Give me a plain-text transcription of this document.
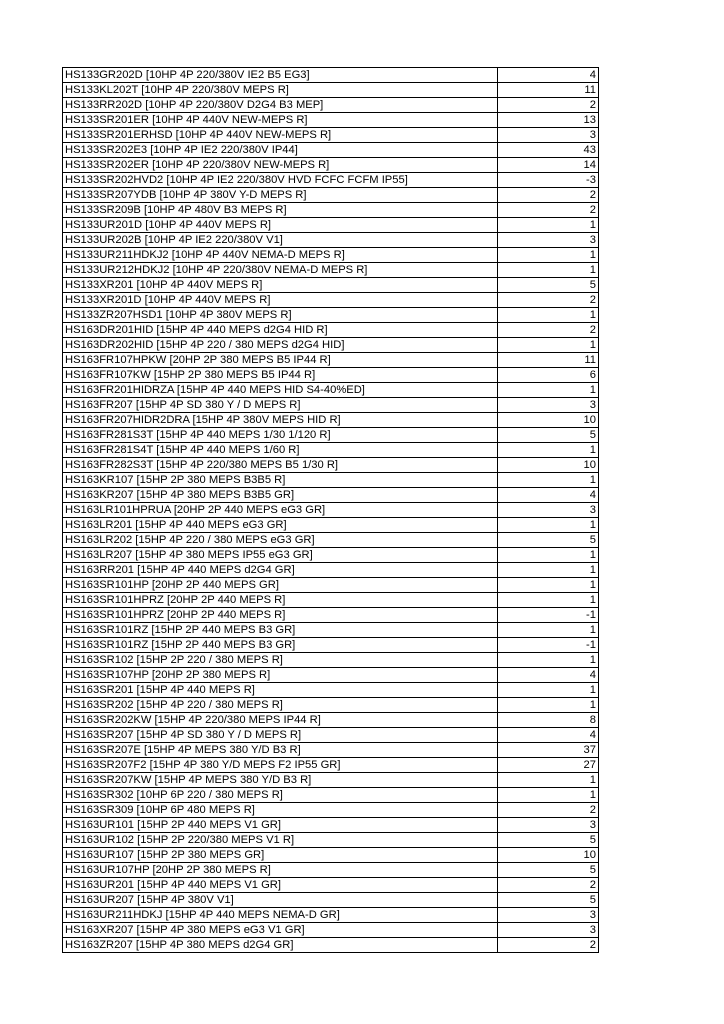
HS133GR202D [10HP 4P 220/380V IE2 B5 EG3]	4
HS133KL202T [10HP 4P 220/380V MEPS R]	11
HS133RR202D [10HP 4P 220/380V D2G4 B3 MEP]	2
HS133SR201ER [10HP 4P 440V NEW-MEPS R]	13
HS133SR201ERHSD [10HP 4P 440V NEW-MEPS R]	3
HS133SR202E3 [10HP 4P IE2 220/380V IP44]	43
HS133SR202ER [10HP 4P 220/380V NEW-MEPS R]	14
HS133SR202HVD2 [10HP 4P IE2 220/380V HVD FCFC FCFM IP55]	-3
HS133SR207YDB [10HP 4P 380V Y-D MEPS R]	2
HS133SR209B [10HP 4P 480V B3 MEPS R]	2
HS133UR201D [10HP 4P 440V MEPS R]	1
HS133UR202B [10HP 4P IE2 220/380V V1]	3
HS133UR211HDKJ2 [10HP 4P 440V NEMA-D MEPS R]	1
HS133UR212HDKJ2 [10HP 4P 220/380V NEMA-D MEPS R]	1
HS133XR201 [10HP 4P 440V MEPS R]	5
HS133XR201D [10HP 4P 440V MEPS R]	2
HS133ZR207HSD1 [10HP 4P 380V MEPS R]	1
HS163DR201HID [15HP 4P 440 MEPS d2G4 HID R]	2
HS163DR202HID [15HP 4P 220 / 380 MEPS d2G4 HID]	1
HS163FR107HPKW [20HP 2P 380 MEPS B5 IP44 R]	11
HS163FR107KW [15HP 2P 380 MEPS B5 IP44 R]	6
HS163FR201HIDRZA [15HP 4P 440 MEPS HID S4-40%ED]	1
HS163FR207 [15HP 4P SD 380 Y / D MEPS R]	3
HS163FR207HIDR2DRA [15HP 4P 380V MEPS HID R]	10
HS163FR281S3T [15HP 4P 440 MEPS 1/30 1/120 R]	5
HS163FR281S4T [15HP 4P 440 MEPS 1/60 R]	1
HS163FR282S3T [15HP 4P 220/380 MEPS B5 1/30 R]	10
HS163KR107 [15HP 2P 380 MEPS B3B5 R]	1
HS163KR207 [15HP 4P 380 MEPS B3B5 GR]	4
HS163LR101HPRUA [20HP 2P 440 MEPS eG3 GR]	3
HS163LR201 [15HP 4P 440 MEPS eG3 GR]	1
HS163LR202 [15HP 4P 220 / 380 MEPS eG3 GR]	5
HS163LR207 [15HP 4P 380 MEPS IP55 eG3 GR]	1
HS163RR201 [15HP 4P 440 MEPS d2G4 GR]	1
HS163SR101HP [20HP 2P 440 MEPS GR]	1
HS163SR101HPRZ [20HP 2P 440 MEPS R]	1
HS163SR101HPRZ [20HP 2P 440 MEPS R]	-1
HS163SR101RZ [15HP 2P 440 MEPS B3 GR]	1
HS163SR101RZ [15HP 2P 440 MEPS B3 GR]	-1
HS163SR102 [15HP 2P 220 / 380 MEPS R]	1
HS163SR107HP [20HP 2P 380 MEPS R]	4
HS163SR201 [15HP 4P 440 MEPS R]	1
HS163SR202 [15HP 4P 220 / 380 MEPS R]	1
HS163SR202KW [15HP 4P 220/380 MEPS IP44 R]	8
HS163SR207 [15HP 4P SD 380 Y / D MEPS R]	4
HS163SR207E [15HP 4P MEPS 380 Y/D B3 R]	37
HS163SR207F2 [15HP 4P 380 Y/D MEPS F2 IP55 GR]	27
HS163SR207KW [15HP 4P MEPS 380 Y/D B3 R]	1
HS163SR302 [10HP 6P 220 / 380 MEPS R]	1
HS163SR309 [10HP 6P 480 MEPS R]	2
HS163UR101 [15HP 2P 440 MEPS V1 GR]	3
HS163UR102 [15HP 2P 220/380 MEPS V1 R]	5
HS163UR107 [15HP 2P 380 MEPS GR]	10
HS163UR107HP [20HP 2P 380 MEPS R]	5
HS163UR201 [15HP 4P 440 MEPS V1 GR]	2
HS163UR207 [15HP 4P 380V V1]	5
HS163UR211HDKJ [15HP 4P 440 MEPS NEMA-D GR]	3
HS163XR207 [15HP 4P 380 MEPS eG3 V1 GR]	3
HS163ZR207 [15HP 4P 380 MEPS d2G4 GR]	2
